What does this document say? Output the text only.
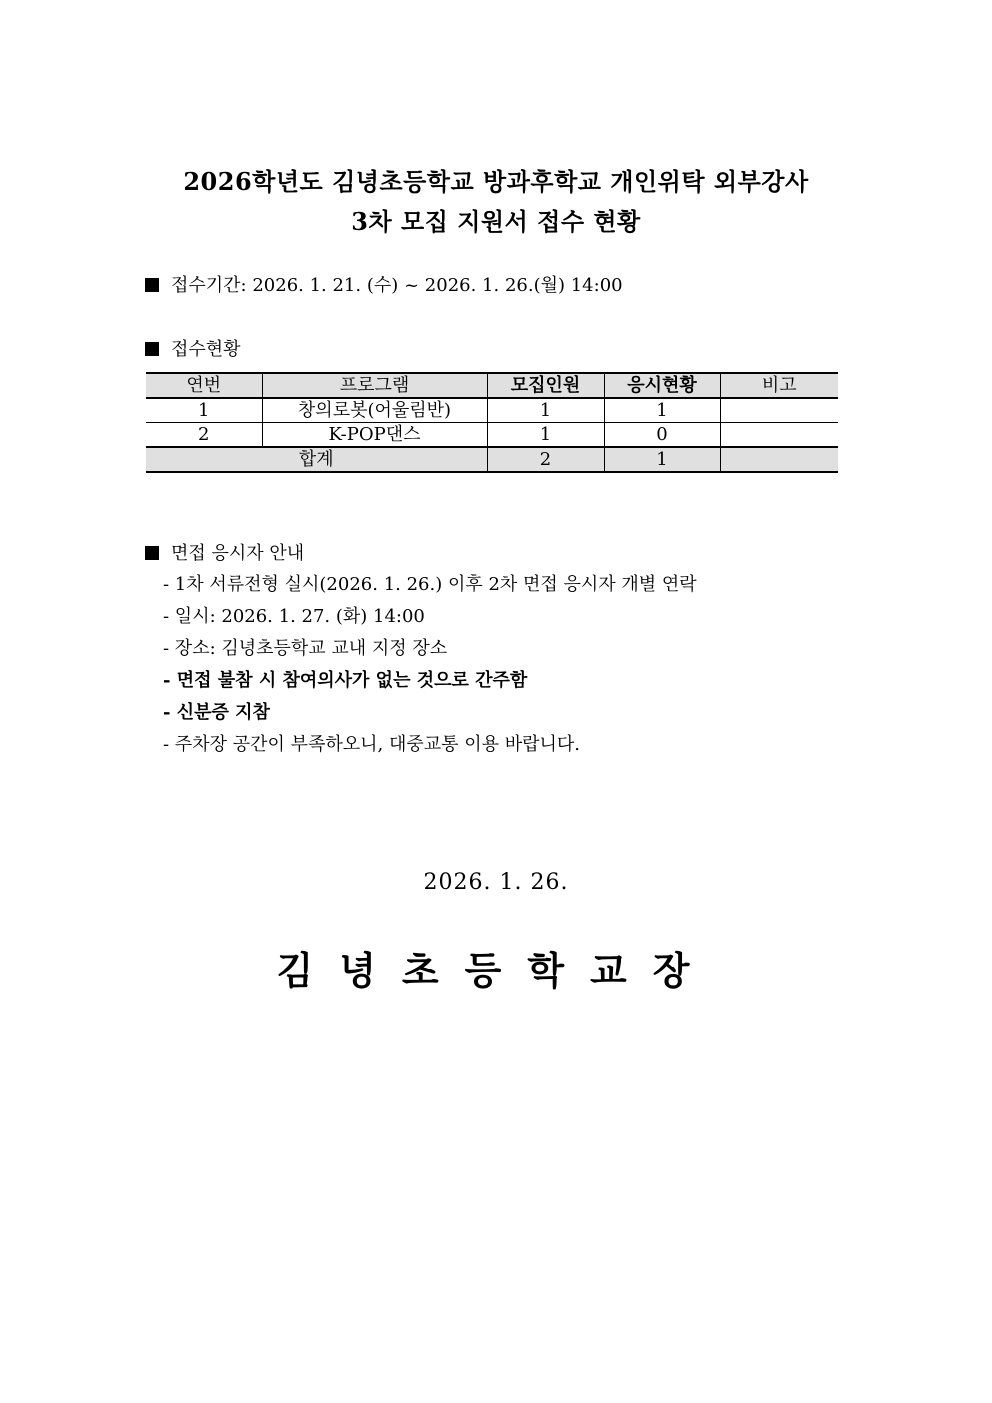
2026학년도 김녕초등학교 방과후학교 개인위탁 외부강사
3차 모집 지원서 접수 현황
접수기간: 2026. 1. 21. (수) ~ 2026. 1. 26.(월) 14:00
접수현황
연번	프로그램	모집인원	응시현황	비고
1	창의로봇(어울림반)	1	1	
2	K-POP댄스	1	0	
합계		2	1	
면접 응시자 안내
- 1차 서류전형 실시(2026. 1. 26.) 이후 2차 면접 응시자 개별 연락
- 일시: 2026. 1. 27. (화) 14:00
- 장소: 김녕초등학교 교내 지정 장소
- 면접 불참 시 참여의사가 없는 것으로 간주함
- 신분증 지참
- 주차장 공간이 부족하오니, 대중교통 이용 바랍니다.
2026. 1. 26.
김녕초등학교장
